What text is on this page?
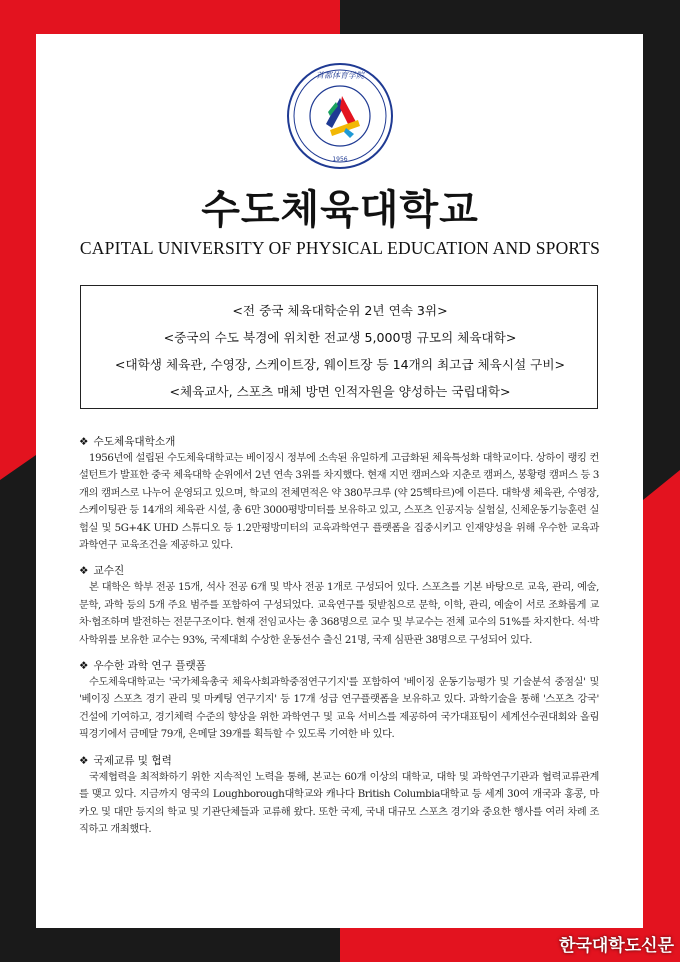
首都体育学院
1956
수도체육대학교
CAPITAL UNIVERSITY OF PHYSICAL EDUCATION AND SPORTS
<전 중국 체육대학순위 2년 연속 3위>
<중국의 수도 북경에 위치한 전교생 5,000명 규모의 체육대학>
<대학생 체육관, 수영장, 스케이트장, 웨이트장 등 14개의 최고급 체육시설 구비>
<체육교사, 스포츠 매체 방면 인적자원을 양성하는 국립대학>
❖ 수도체육대학소개

1956년에 설립된 수도체육대학교는 베이징시 정부에 소속된 유일하게 고급화된 체육특성화 대학교이다. 상하이 랭킹 컨설턴트가 발표한 중국 체육대학 순위에서 2년 연속 3위를 차지했다. 현재 지먼 캠퍼스와 지춘로 캠퍼스, 봉황령 캠퍼스 등 3개의 캠퍼스로 나누어 운영되고 있으며, 학교의 전체면적은 약 380무크루 (약 25헥타르)에 이른다. 대학생 체육관, 수영장, 스케이팅관 등 14개의 체육관 시설, 총 6만 3000평방미터를 보유하고 있고, 스포츠 인공지능 실험실, 신체운동기능훈련 실험실 및 5G+4K UHD 스튜디오 등 1.2만평방미터의 교육과학연구 플랫폼을 집중시키고 인재양성을 위해 우수한 교육과 과학연구 교육조건을 제공하고 있다.

❖ 교수진

본 대학은 학부 전공 15개, 석사 전공 6개 및 박사 전공 1개로 구성되어 있다. 스포츠를 기본 바탕으로 교육, 관리, 예술, 문학, 과학 등의 5개 주요 범주를 포함하여 구성되었다. 교육연구를 뒷받침으로 문학, 이학, 관리, 예술이 서로 조화롭게 교차·협조하며 발전하는 전문구조이다. 현재 전임교사는 총 368명으로 교수 및 부교수는 전체 교수의 51%를 차지한다. 석·박사학위를 보유한 교수는 93%, 국제대회 수상한 운동선수 출신 21명, 국제 심판관 38명으로 구성되어 있다.

❖ 우수한 과학 연구 플랫폼

수도체육대학교는 '국가체육총국 체육사회과학중점연구기지'를 포함하여 '베이징 운동기능평가 및 기술분석 중점실' 및 '베이징 스포츠 경기 관리 및 마케팅 연구기지' 등 17개 성급 연구플랫폼을 보유하고 있다. 과학기술을 통해 '스포츠 강국' 건설에 기여하고, 경기체력 수준의 향상을 위한 과학연구 및 교육 서비스를 제공하여 국가대표팀이 세계선수권대회와 올림픽경기에서 금메달 79개, 은메달 39개를 획득할 수 있도록 기여한 바 있다.

❖ 국제교류 및 협력

국제협력을 최적화하기 위한 지속적인 노력을 통해, 본교는 60개 이상의 대학교, 대학 및 과학연구기관과 협력교류관계를 맺고 있다. 지금까지 영국의 Loughborough대학교와 캐나다 British Columbia대학교 등 세계 30여 개국과 홍콩, 마카오 및 대만 등지의 학교 및 기관단체들과 교류해 왔다. 또한 국제, 국내 대규모 스포츠 경기와 중요한 행사를 여러 차례 조직하고 개최했다.

한국대학도신문
